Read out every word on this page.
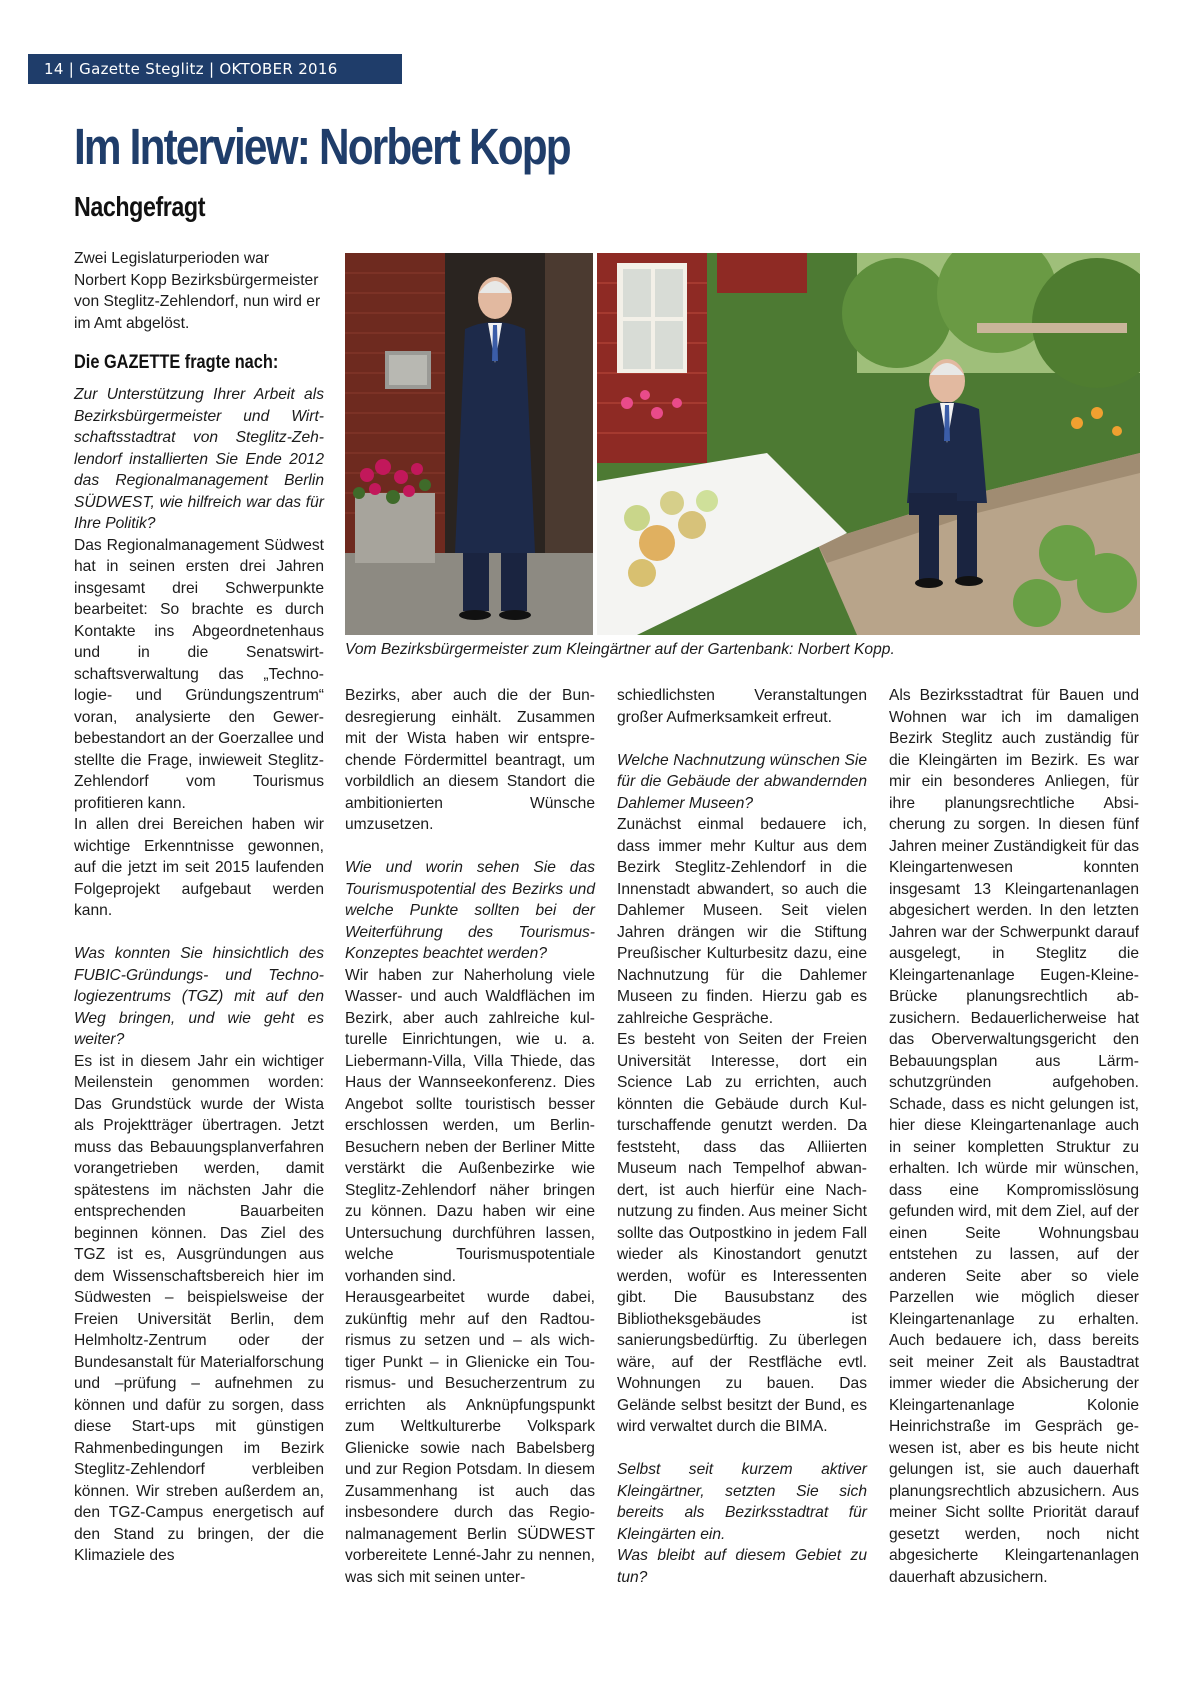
14 | Gazette Steglitz | OKTOBER 2016
Im Interview: Norbert Kopp
Nachgefragt
Zwei Legislaturperioden war Norbert Kopp Bezirksbürgermeister von Steglitz-Zehlendorf, nun wird er im Amt abgelöst.
Die GAZETTE fragte nach:

Zur Unterstützung Ihrer Arbeit als Bezirksbürgermeister und Wirtschaftsstadtrat von Steglitz-Zehlendorf installierten Sie Ende 2012 das Regionalmanagement Berlin SÜDWEST, wie hilfreich war das für Ihre Politik?

Das Regionalmanagement Südwest hat in seinen ersten drei Jahren insgesamt drei Schwerpunkte bearbeitet: So brachte es durch Kontakte ins Abgeordnetenhaus und in die Senatswirtschaftsverwaltung das „Technologie- und Gründungszentrum“ voran, analysierte den Gewerbebestandort an der Goerzallee und stellte die Frage, inwieweit Steglitz-Zehlendorf vom Tourismus profitieren kann.

In allen drei Bereichen haben wir wichtige Erkenntnisse gewonnen, auf die jetzt im seit 2015 laufenden Folgeprojekt aufgebaut werden kann.

Was konnten Sie hinsichtlich des FUBIC-Gründungs- und Technologiezentrums (TGZ) mit auf den Weg bringen, und wie geht es weiter?

Es ist in diesem Jahr ein wichtiger Meilenstein genommen worden: Das Grundstück wurde der Wista als Projektträger übertragen. Jetzt muss das Bebauungsplanverfahren vorangetrieben werden, damit spätestens im nächsten Jahr die entsprechenden Bauarbeiten beginnen können. Das Ziel des TGZ ist es, Ausgründungen aus dem Wissenschaftsbereich hier im Südwesten – beispielsweise der Freien Universität Berlin, dem Helmholtz-Zentrum oder der Bundesanstalt für Materialforschung und –prüfung – aufnehmen zu können und dafür zu sorgen, dass diese Start-ups mit günstigen Rahmenbedingungen im Bezirk Steglitz-Zehlendorf verbleiben können. Wir streben außerdem an, den TGZ-Campus energetisch auf den Stand zu bringen, der die Klimaziele des

Vom Bezirksbürgermeister zum Kleingärtner auf der Gartenbank: Norbert Kopp.

Bezirks, aber auch die der Bundesregierung einhält. Zusammen mit der Wista haben wir entsprechende Fördermittel beantragt, um vorbildlich an diesem Standort die ambitionierten Wünsche umzusetzen.

Wie und worin sehen Sie das Tourismuspotential des Bezirks und welche Punkte sollten bei der Weiterführung des Tourismus-Konzeptes beachtet werden?

Wir haben zur Naherholung viele Wasser- und auch Waldflächen im Bezirk, aber auch zahlreiche kulturelle Einrichtungen, wie u. a. Liebermann-Villa, Villa Thiede, das Haus der Wannseekonferenz. Dies Angebot sollte touristisch besser erschlossen werden, um Berlin-Besuchern neben der Berliner Mitte verstärkt die Außenbezirke wie Steglitz-Zehlendorf näher bringen zu können. Dazu haben wir eine Untersuchung durchführen lassen, welche Tourismuspotentiale vorhanden sind.

Herausgearbeitet wurde dabei, zukünftig mehr auf den Radtourismus zu setzen und – als wichtiger Punkt – in Glienicke ein Tourismus- und Besucherzentrum zu errichten als Anknüpfungspunkt zum Weltkulturerbe Volkspark Glienicke sowie nach Babelsberg und zur Region Potsdam. In diesem Zusammenhang ist auch das insbesondere durch das Regionalmanagement Berlin SÜDWEST vorbereitete Lenné-Jahr zu nennen, was sich mit seinen unter-

schiedlichsten Veranstaltungen großer Aufmerksamkeit erfreut.

Welche Nachnutzung wünschen Sie für die Gebäude der abwandernden Dahlemer Museen?

Zunächst einmal bedauere ich, dass immer mehr Kultur aus dem Bezirk Steglitz-Zehlendorf in die Innenstadt abwandert, so auch die Dahlemer Museen. Seit vielen Jahren drängen wir die Stiftung Preußischer Kulturbesitz dazu, eine Nachnutzung für die Dahlemer Museen zu finden. Hierzu gab es zahlreiche Gespräche.

Es besteht von Seiten der Freien Universität Interesse, dort ein Science Lab zu errichten, auch könnten die Gebäude durch Kulturschaffende genutzt werden. Da feststeht, dass das Alliierten Museum nach Tempelhof abwandert, ist auch hierfür eine Nachnutzung zu finden. Aus meiner Sicht sollte das Outpostkino in jedem Fall wieder als Kinostandort genutzt werden, wofür es Interessenten gibt. Die Bausubstanz des Bibliotheksgebäudes ist sanierungsbedürftig. Zu überlegen wäre, auf der Restfläche evtl. Wohnungen zu bauen. Das Gelände selbst besitzt der Bund, es wird verwaltet durch die BIMA.

Selbst seit kurzem aktiver Kleingärtner, setzten Sie sich bereits als Bezirksstadtrat für Kleingärten ein.

Was bleibt auf diesem Gebiet zu tun?

Als Bezirksstadtrat für Bauen und Wohnen war ich im damaligen Bezirk Steglitz auch zuständig für die Kleingärten im Bezirk. Es war mir ein besonderes Anliegen, für ihre planungsrechtliche Absicherung zu sorgen. In diesen fünf Jahren meiner Zuständigkeit für das Kleingartenwesen konnten insgesamt 13 Kleingartenanlagen abgesichert werden. In den letzten Jahren war der Schwerpunkt darauf ausgelegt, in Steglitz die Kleingartenanlage Eugen-Kleine-Brücke planungsrechtlich abzusichern. Bedauerlicherweise hat das Oberverwaltungsgericht den Bebauungsplan aus Lärmschutzgründen aufgehoben. Schade, dass es nicht gelungen ist, hier diese Kleingartenanlage auch in seiner kompletten Struktur zu erhalten. Ich würde mir wünschen, dass eine Kompromisslösung gefunden wird, mit dem Ziel, auf der einen Seite Wohnungsbau entstehen zu lassen, auf der anderen Seite aber so viele Parzellen wie möglich dieser Kleingartenanlage zu erhalten. Auch bedauere ich, dass bereits seit meiner Zeit als Baustadtrat immer wieder die Absicherung der Kleingartenanlage Kolonie Heinrichstraße im Gespräch gewesen ist, aber es bis heute nicht gelungen ist, sie auch dauerhaft planungsrechtlich abzusichern. Aus meiner Sicht sollte Priorität darauf gesetzt werden, noch nicht abgesicherte Kleingartenanlagen dauerhaft abzusichern.
